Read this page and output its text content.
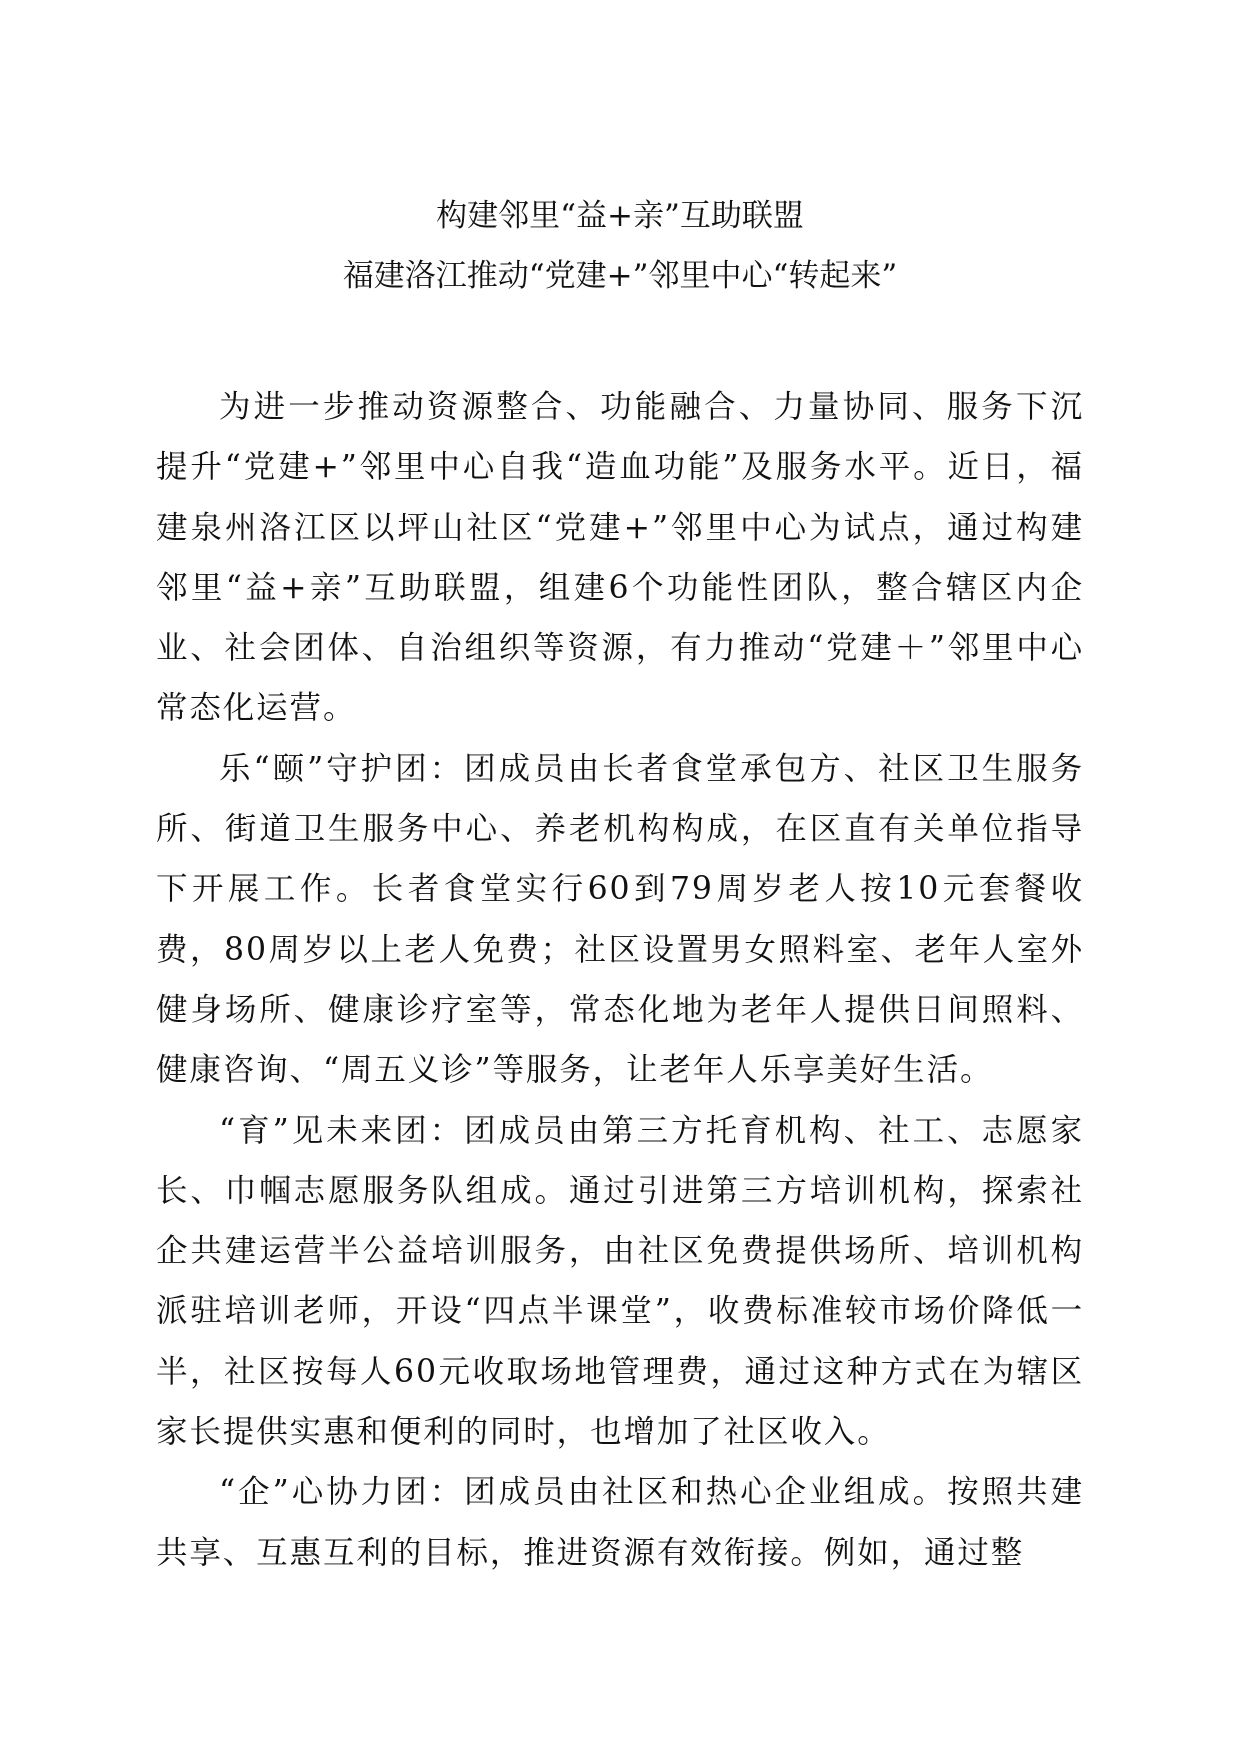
构建邻里“益+亲”互助联盟
福建洛江推动“党建+”邻里中心“转起来”

为进一步推动资源整合、功能融合、力量协同、服务下沉提升“党建+”邻里中心自我“造血功能”及服务水平。近日，福建泉州洛江区以坪山社区“党建+”邻里中心为试点，通过构建邻里“益+亲”互助联盟，组建6个功能性团队，整合辖区内企业、社会团体、自治组织等资源，有力推动“党建＋”邻里中心常态化运营。

乐“颐”守护团：团成员由长者食堂承包方、社区卫生服务所、街道卫生服务中心、养老机构构成，在区直有关单位指导下开展工作。长者食堂实行60到79周岁老人按10元套餐收费，80周岁以上老人免费；社区设置男女照料室、老年人室外健身场所、健康诊疗室等，常态化地为老年人提供日间照料、健康咨询、“周五义诊”等服务，让老年人乐享美好生活。

“育”见未来团：团成员由第三方托育机构、社工、志愿家长、巾帼志愿服务队组成。通过引进第三方培训机构，探索社企共建运营半公益培训服务，由社区免费提供场所、培训机构派驻培训老师，开设“四点半课堂”，收费标准较市场价降低一半，社区按每人60元收取场地管理费，通过这种方式在为辖区家长提供实惠和便利的同时，也增加了社区收入。

“企”心协力团：团成员由社区和热心企业组成。按照共建共享、互惠互利的目标，推进资源有效衔接。例如，通过整
